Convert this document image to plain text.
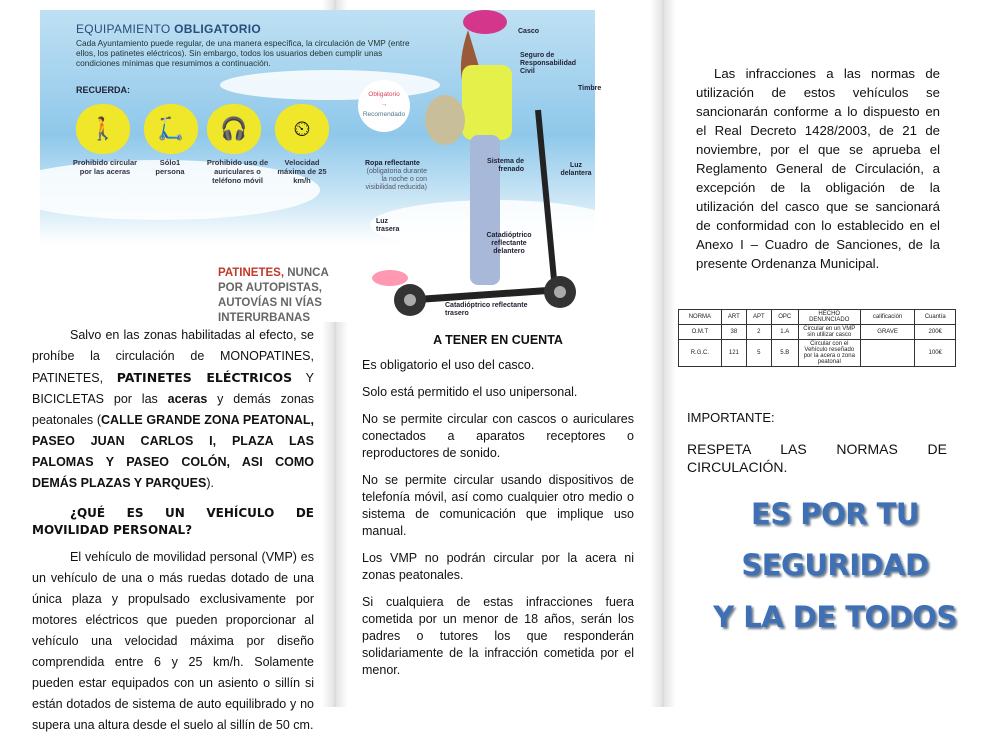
EQUIPAMIENTO OBLIGATORIO
Cada Ayuntamiento puede regular, de una manera específica, la circulación de VMP (entre ellos, los patinetes eléctricos). Sin embargo, todos los usuarios deben cumplir unas condiciones mínimas que resumimos a continuación.
RECUERDA:
🚶	🛴	🎧	⏲
Prohibido circular por las aceras
Sólo1 persona
Prohibido uso de auriculares o teléfono móvil
Velocidad máxima de 25 km/h
Obligatorio
→
Recomendado
Casco
Seguro de Responsabilidad Civil
Timbre
Luz delantera
Sistema de frenado
Ropa reflectante
(obligatoria durante la noche o con visibilidad reducida)
Luz trasera
Catadióptrico reflectante delantero
Catadióptrico reflectante trasero
PATINETES, NUNCA POR AUTOPISTAS, AUTOVÍAS NI VÍAS INTERURBANAS

Salvo en las zonas habilitadas al efecto, se prohíbe la circulación de MONOPATINES, PATINETES, PATINETES ELÉCTRICOS Y BICICLETAS por las aceras y demás zonas peatonales (CALLE GRANDE ZONA PEATONAL, PASEO JUAN CARLOS I, PLAZA LAS PALOMAS Y PASEO COLÓN, ASI COMO DEMÁS PLAZAS Y PARQUES).

¿QUÉ ES UN VEHÍCULO DE MOVILIDAD PERSONAL?

El vehículo de movilidad personal (VMP) es un vehículo de una o más ruedas dotado de una única plaza y propulsado exclusivamente por motores eléctricos que pueden proporcionar al vehículo una velocidad máxima por diseño comprendida entre 6 y 25 km/h. Solamente pueden estar equipados con un asiento o sillín si están dotados de sistema de auto equilibrado y no supera una altura desde el suelo al sillín de 50 cm.

A TENER EN CUENTA

Es obligatorio el uso del casco.

Solo está permitido el uso unipersonal.

No se permite circular con cascos o auriculares conectados a aparatos receptores o reproductores de sonido.

No se permite circular usando dispositivos de telefonía móvil, así como cualquier otro medio o sistema de comunicación que implique uso manual.

Los VMP no podrán circular por la acera ni zonas peatonales.

Si cualquiera de estas infracciones fuera cometida por un menor de 18 años, serán los padres o tutores los que responderán solidariamente de la infracción cometida por el menor.

Las infracciones a las normas de utilización de estos vehículos se sancionarán conforme a lo dispuesto en el Real Decreto 1428/2003, de 21 de noviembre, por el que se aprueba el Reglamento General de Circulación, a excepción de la obligación de la utilización del casco que se sancionará de conformidad con lo establecido en el Anexo I – Cuadro de Sanciones, de la presente Ordenanza Municipal.

NORMA	ART	APT	OPC	HECHO DENUNCIADO	calificación	Cuantía
O.M.T	38	2	1.A	Circular en un VMP sin utilizar casco	GRAVE	200€
R.G.C.	121	5	5.B	Circular con el Vehículo reseñado por la acera o zona peatonal		100€
IMPORTANTE:
RESPETA LAS NORMAS DE
CIRCULACIÓN.
ES POR TU
SEGURIDAD
Y LA DE TODOS
